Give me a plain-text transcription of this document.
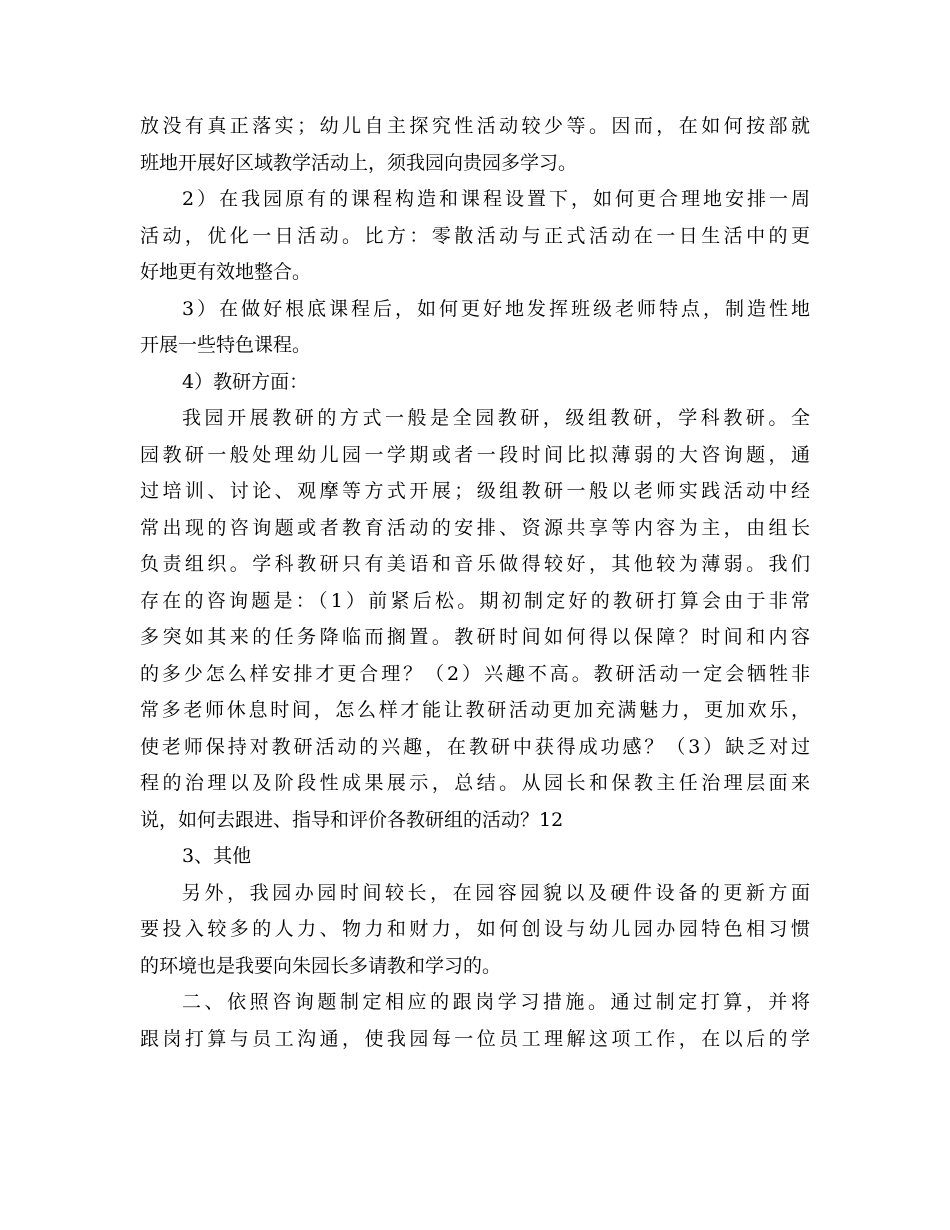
放没有真正落实；幼儿自主探究性活动较少等。因而，在如何按部就
班地开展好区域教学活动上，须我园向贵园多学习。
2）在我园原有的课程构造和课程设置下，如何更合理地安排一周
活动，优化一日活动。比方：零散活动与正式活动在一日生活中的更
好地更有效地整合。
3）在做好根底课程后，如何更好地发挥班级老师特点，制造性地
开展一些特色课程。
4）教研方面：
我园开展教研的方式一般是全园教研，级组教研，学科教研。全
园教研一般处理幼儿园一学期或者一段时间比拟薄弱的大咨询题，通
过培训、讨论、观摩等方式开展；级组教研一般以老师实践活动中经
常出现的咨询题或者教育活动的安排、资源共享等内容为主，由组长
负责组织。学科教研只有美语和音乐做得较好，其他较为薄弱。我们
存在的咨询题是：（1）前紧后松。期初制定好的教研打算会由于非常
多突如其来的任务降临而搁置。教研时间如何得以保障？时间和内容
的多少怎么样安排才更合理？（2）兴趣不高。教研活动一定会牺牲非
常多老师休息时间，怎么样才能让教研活动更加充满魅力，更加欢乐，
使老师保持对教研活动的兴趣，在教研中获得成功感？（3）缺乏对过
程的治理以及阶段性成果展示，总结。从园长和保教主任治理层面来
说，如何去跟进、指导和评价各教研组的活动？12
3、其他
另外，我园办园时间较长，在园容园貌以及硬件设备的更新方面
要投入较多的人力、物力和财力，如何创设与幼儿园办园特色相习惯
的环境也是我要向朱园长多请教和学习的。
二、依照咨询题制定相应的跟岗学习措施。通过制定打算，并将
跟岗打算与员工沟通，使我园每一位员工理解这项工作，在以后的学
